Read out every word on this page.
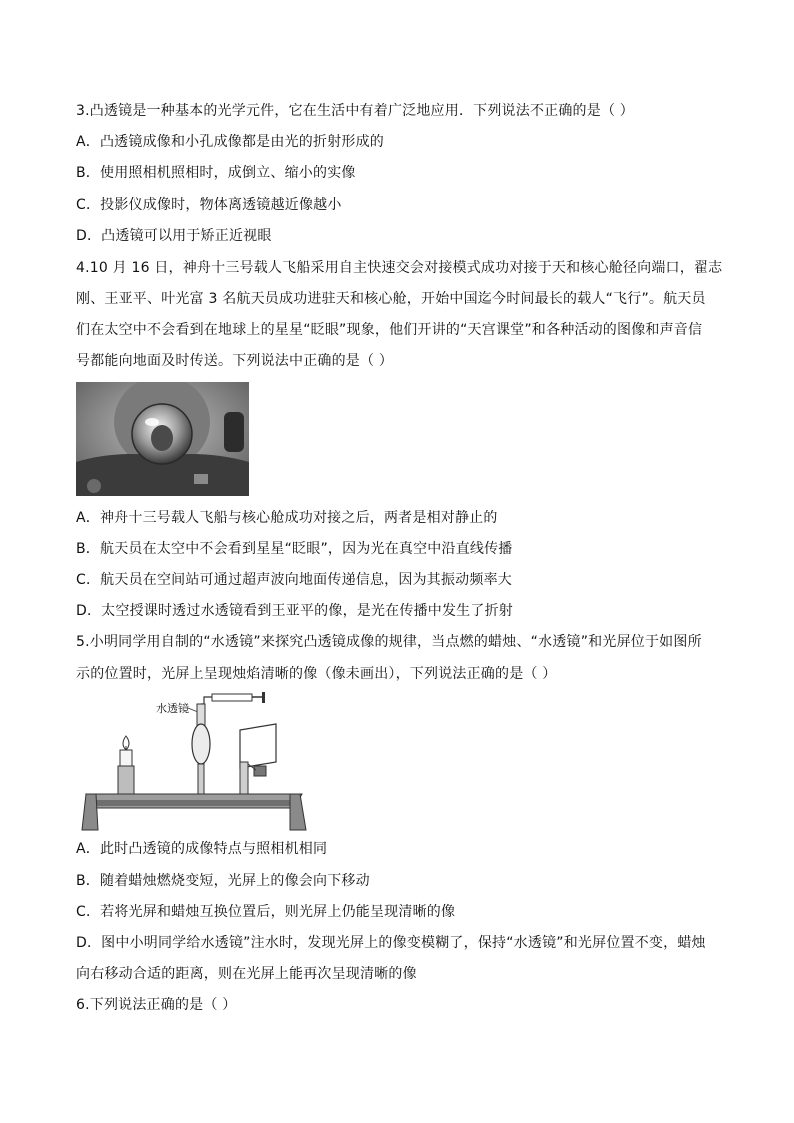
3.凸透镜是一种基本的光学元件，它在生活中有着广泛地应用．下列说法不正确的是（ ）
A．凸透镜成像和小孔成像都是由光的折射形成的
B．使用照相机照相时，成倒立、缩小的实像
C．投影仪成像时，物体离透镜越近像越小
D．凸透镜可以用于矫正近视眼
4.10 月 16 日，神舟十三号载人飞船采用自主快速交会对接模式成功对接于天和核心舱径向端口，翟志
刚、王亚平、叶光富 3 名航天员成功进驻天和核心舱，开始中国迄今时间最长的载人“飞行”。航天员
们在太空中不会看到在地球上的星星“眨眼”现象，他们开讲的“天宫课堂”和各种活动的图像和声音信
号都能向地面及时传送。下列说法中正确的是（ ）
A．神舟十三号载人飞船与核心舱成功对接之后，两者是相对静止的
B．航天员在太空中不会看到星星“眨眼”，因为光在真空中沿直线传播
C．航天员在空间站可通过超声波向地面传递信息，因为其振动频率大
D．太空授课时透过水透镜看到王亚平的像，是光在传播中发生了折射
5.小明同学用自制的“水透镜”来探究凸透镜成像的规律，当点燃的蜡烛、“水透镜”和光屏位于如图所
示的位置时，光屏上呈现烛焰清晰的像（像未画出），下列说法正确的是（ ）
水透镜
A．此时凸透镜的成像特点与照相机相同
B．随着蜡烛燃烧变短，光屏上的像会向下移动
C．若将光屏和蜡烛互换位置后，则光屏上仍能呈现清晰的像
D．图中小明同学给水透镜”注水时，发现光屏上的像变模糊了，保持“水透镜”和光屏位置不变，蜡烛
向右移动合适的距离，则在光屏上能再次呈现清晰的像
6.下列说法正确的是（ ）
